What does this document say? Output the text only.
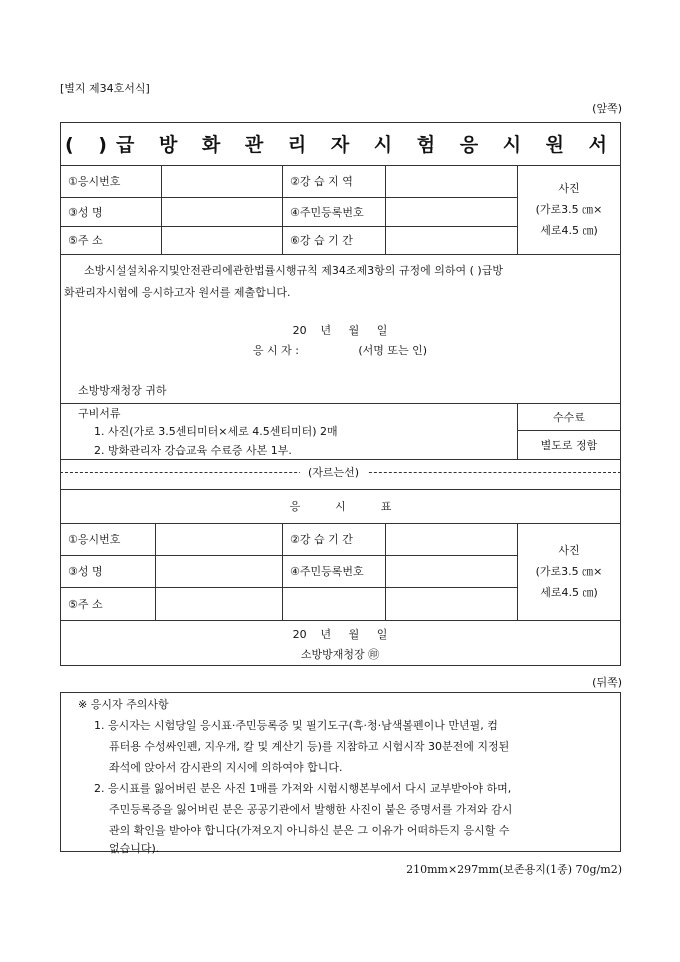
[별지 제34호서식]
(앞쪽)
( )급 방 화 관 리 자 시 험 응 시 원 서
①응시번호	②강 습 지 역
③성 명	④주민등록번호
⑤주 소	⑥강 습 기 간
사진
(가로3.5 ㎝×
세로4.5 ㎝)
소방시설설치유지및안전관리에관한법률시행규칙 제34조제3항의 규정에 의하여 ( )급방
화관리자시험에 응시하고자 원서를 제출합니다.
20    년     월     일
응 시 자 :                 (서명 또는 인)
소방방재청장 귀하
구비서류
1. 사진(가로 3.5센티미터×세로 4.5센티미터) 2매
2. 방화관리자 강습교육 수료증 사본 1부.
수수료
별도로 정함
(자르는선)
응          시          표
①응시번호	②강 습 기 간
③성 명	④주민등록번호
⑤주 소
사진
(가로3.5 ㎝×
세로4.5 ㎝)
20    년     월     일
소방방재청장 ㊞
(뒤쪽)
※ 응시자 주의사항
1. 응시자는 시험당일 응시표·주민등록증 및 필기도구(흑·청·남색볼펜이나 만년필, 컴
퓨터용 수성싸인펜, 지우개, 칼 및 계산기 등)를 지참하고 시험시작 30분전에 지정된
좌석에 앉아서 감시관의 지시에 의하여야 합니다.
2. 응시표를 잃어버린 분은 사진 1매를 가져와 시험시행본부에서 다시 교부받아야 하며,
주민등록증을 잃어버린 분은 공공기관에서 발행한 사진이 붙은 증명서를 가져와 감시
관의 확인을 받아야 합니다(가져오지 아니하신 분은 그 이유가 어떠하든지 응시할 수
없습니다).
210mm×297mm(보존용지(1종) 70g/m2)
